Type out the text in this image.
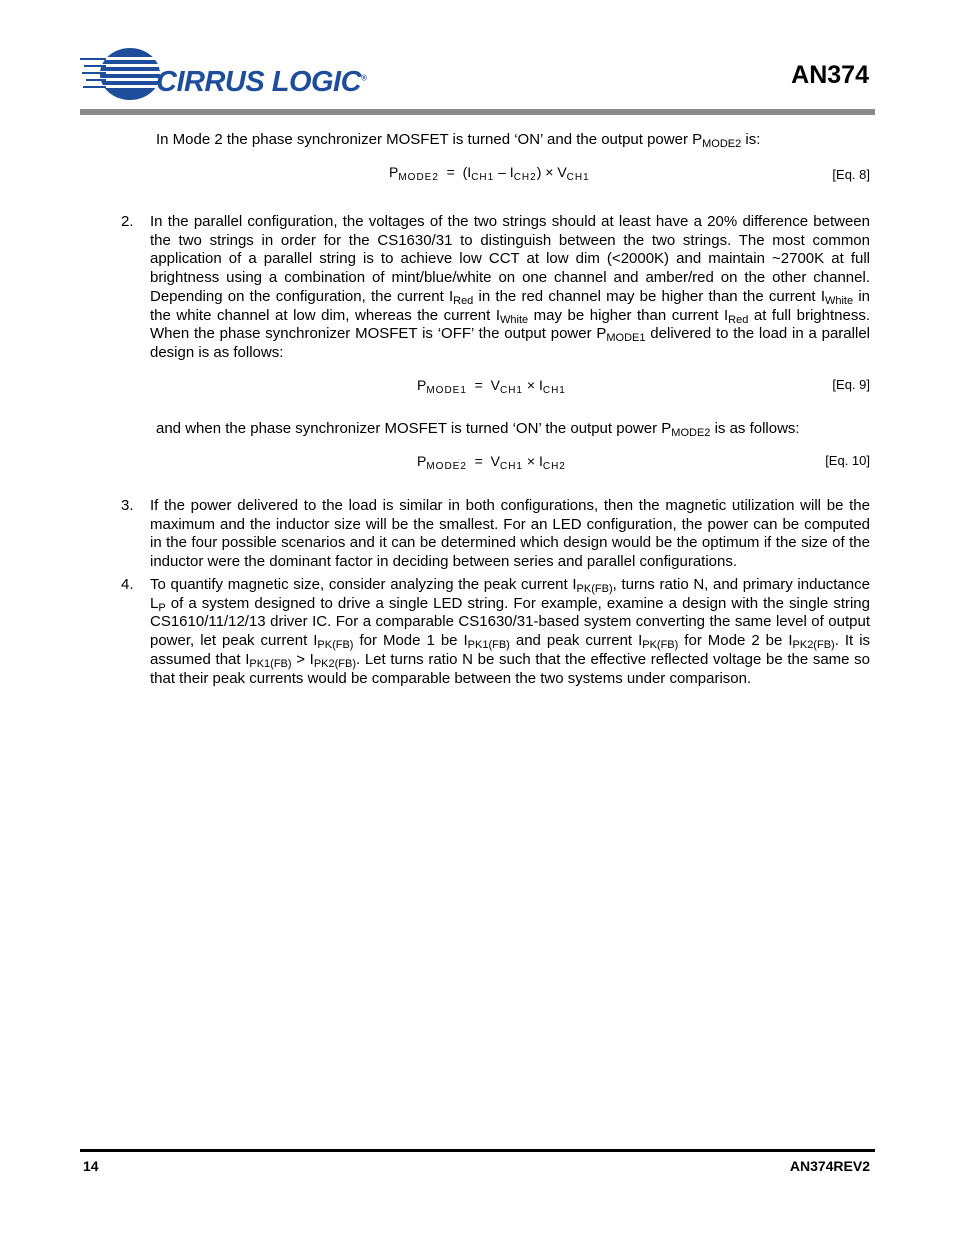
CIRRUS LOGIC®	AN374
In Mode 2 the phase synchronizer MOSFET is turned ‘ON’ and the output power $P_{MODE2}$ is:
$P_{MODE2} = (I_{CH1} - I_{CH2}) \times V_{CH1}$	[Eq. 8]
2. In the parallel configuration, the voltages of the two strings should at least have a 20% difference between the two strings in order for the CS1630/31 to distinguish between the two strings. The most common application of a parallel string is to achieve low CCT at low dim (<2000K) and maintain ~2700K at full brightness using a combination of mint/blue/white on one channel and amber/red on the other channel. Depending on the configuration, the current $I_{Red}$ in the red channel may be higher than the current $I_{White}$ in the white channel at low dim, whereas the current $I_{White}$ may be higher than current $I_{Red}$ at full brightness. When the phase synchronizer MOSFET is ‘OFF’ the output power $P_{MODE1}$ delivered to the load in a parallel design is as follows:
$P_{MODE1} = V_{CH1} \times I_{CH1}$	[Eq. 9]
and when the phase synchronizer MOSFET is turned ‘ON’ the output power $P_{MODE2}$ is as follows:
$P_{MODE2} = V_{CH1} \times I_{CH2}$	[Eq. 10]
3. If the power delivered to the load is similar in both configurations, then the magnetic utilization will be the maximum and the inductor size will be the smallest. For an LED configuration, the power can be computed in the four possible scenarios and it can be determined which design would be the optimum if the size of the inductor were the dominant factor in deciding between series and parallel configurations.
4. To quantify magnetic size, consider analyzing the peak current $I_{PK(FB)}$, turns ratio N, and primary inductance $L_P$ of a system designed to drive a single LED string. For example, examine a design with the single string CS1610/11/12/13 driver IC. For a comparable CS1630/31-based system converting the same level of output power, let peak current $I_{PK(FB)}$ for Mode 1 be $I_{PK1(FB)}$ and peak current $I_{PK(FB)}$ for Mode 2 be $I_{PK2(FB)}$. It is assumed that $I_{PK1(FB)} > I_{PK2(FB)}$. Let turns ratio N be such that the effective reflected voltage be the same so that their peak currents would be comparable between the two systems under comparison.
14	AN374REV2
